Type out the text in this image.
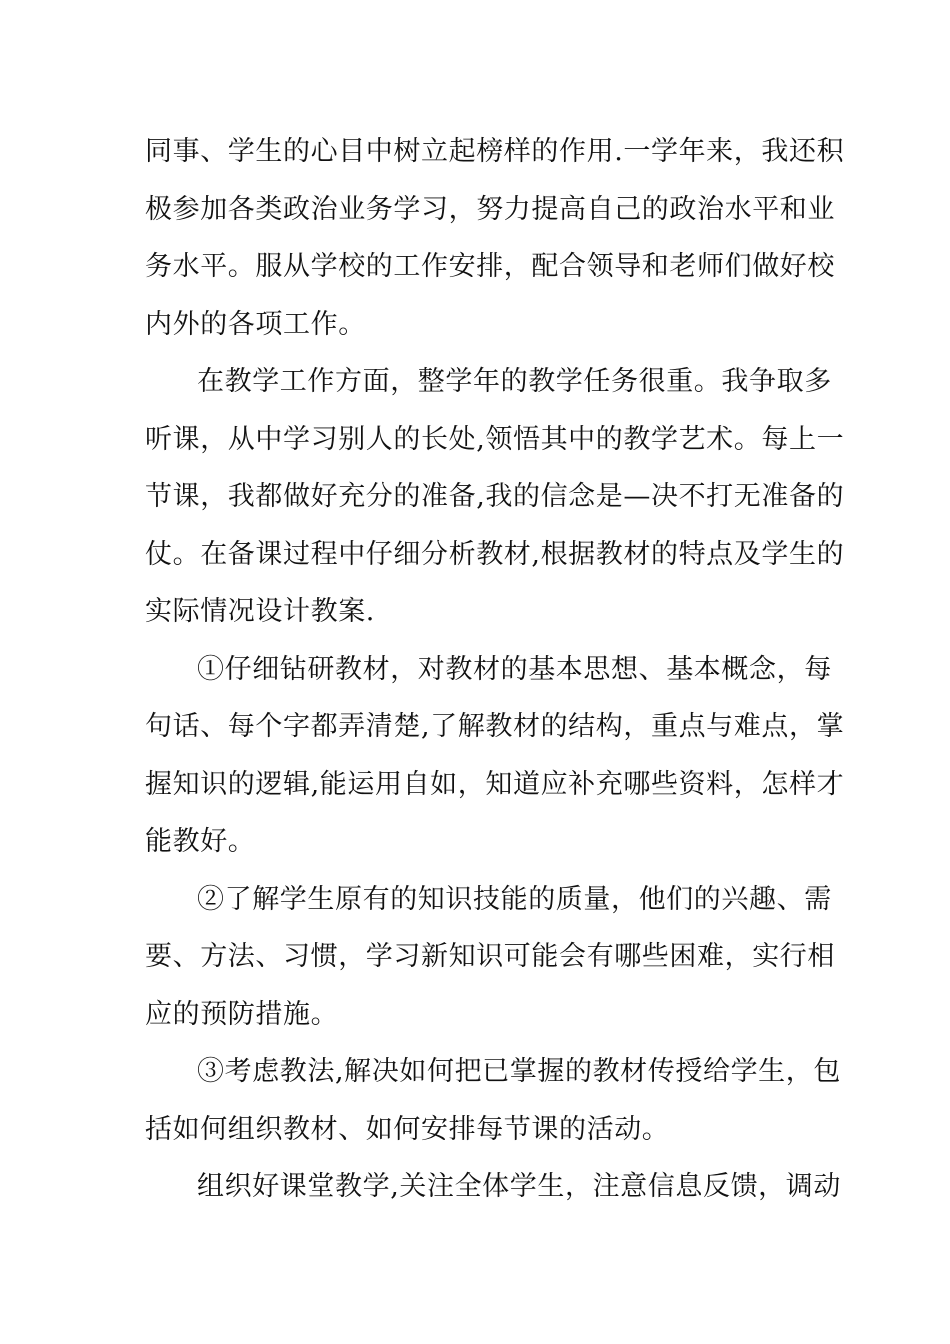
同事、学生的心目中树立起榜样的作用.一学年来，我还积
极参加各类政治业务学习，努力提高自己的政治水平和业
务水平。服从学校的工作安排，配合领导和老师们做好校
内外的各项工作。
在教学工作方面，整学年的教学任务很重。我争取多
听课，从中学习别人的长处,领悟其中的教学艺术。每上一
节课，我都做好充分的准备,我的信念是—决不打无准备的
仗。在备课过程中仔细分析教材,根据教材的特点及学生的
实际情况设计教案.
①仔细钻研教材，对教材的基本思想、基本概念，每
句话、每个字都弄清楚,了解教材的结构，重点与难点，掌
握知识的逻辑,能运用自如，知道应补充哪些资料，怎样才
能教好。
②了解学生原有的知识技能的质量，他们的兴趣、需
要、方法、习惯，学习新知识可能会有哪些困难，实行相
应的预防措施。
③考虑教法,解决如何把已掌握的教材传授给学生，包
括如何组织教材、如何安排每节课的活动。
组织好课堂教学,关注全体学生，注意信息反馈，调动
